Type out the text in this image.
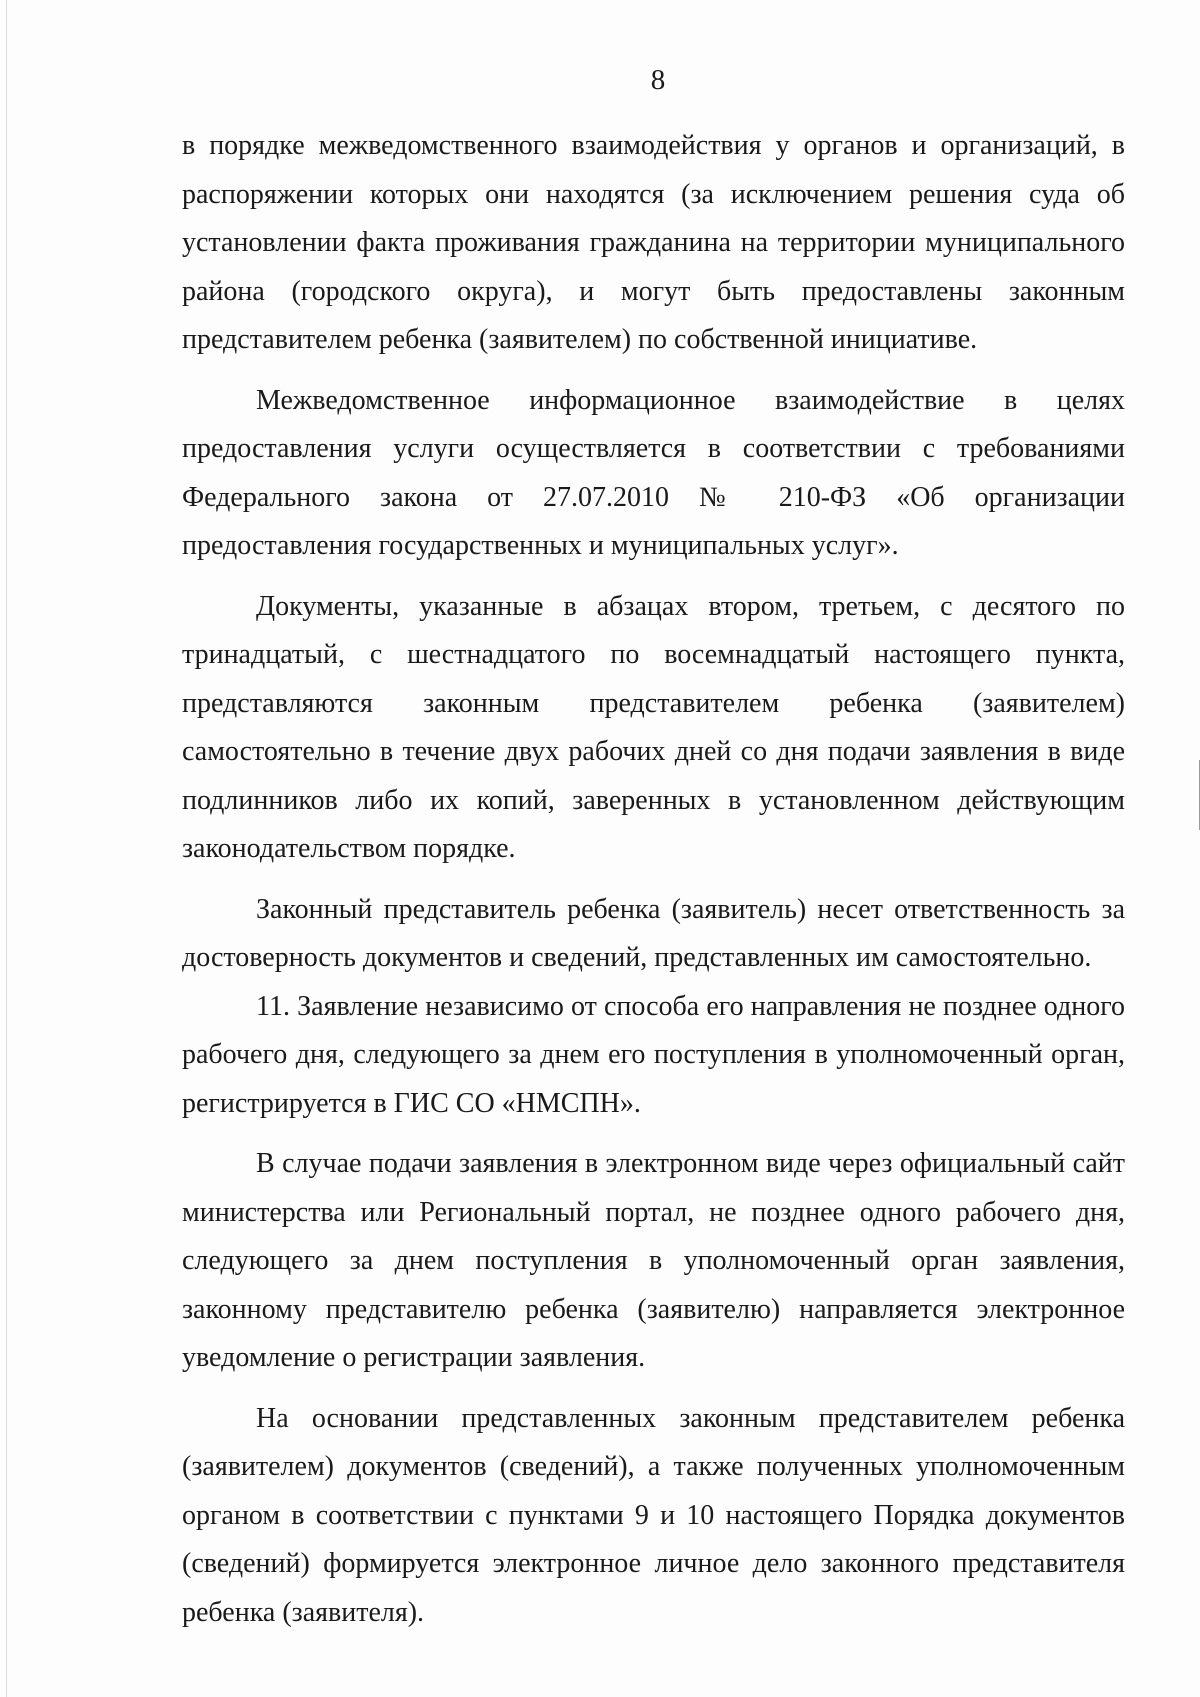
8

в порядке межведомственного взаимодействия у органов и организаций, в распоряжении которых они находятся (за исключением решения суда об установлении факта проживания гражданина на территории муниципального района (городского округа), и могут быть предоставлены законным представителем ребенка (заявителем) по собственной инициативе.

Межведомственное информационное взаимодействие в целях предоставления услуги осуществляется в соответствии с требованиями Федерального закона от 27.07.2010 № 210-ФЗ «Об организации предоставления государственных и муниципальных услуг».

Документы, указанные в абзацах втором, третьем, с десятого по тринадцатый, с шестнадцатого по восемнадцатый настоящего пункта, представляются законным представителем ребенка (заявителем) самостоятельно в течение двух рабочих дней со дня подачи заявления в виде подлинников либо их копий, заверенных в установленном действующим законодательством порядке.

Законный представитель ребенка (заявитель) несет ответственность за достоверность документов и сведений, представленных им самостоятельно.

11. Заявление независимо от способа его направления не позднее одного рабочего дня, следующего за днем его поступления в уполномоченный орган, регистрируется в ГИС СО «НМСПН».

В случае подачи заявления в электронном виде через официальный сайт министерства или Региональный портал, не позднее одного рабочего дня, следующего за днем поступления в уполномоченный орган заявления, законному представителю ребенка (заявителю) направляется электронное уведомление о регистрации заявления.

На основании представленных законным представителем ребенка (заявителем) документов (сведений), а также полученных уполномоченным органом в соответствии с пунктами 9 и 10 настоящего Порядка документов (сведений) формируется электронное личное дело законного представителя ребенка (заявителя).
